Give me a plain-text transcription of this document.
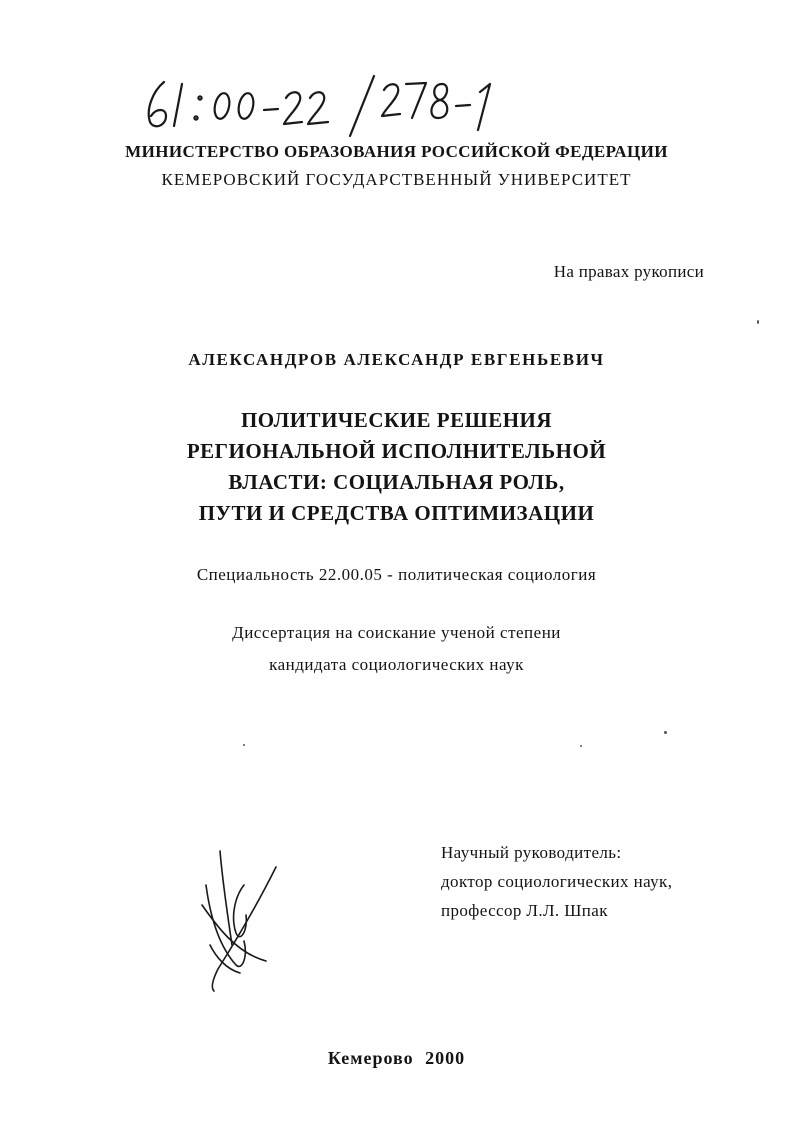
МИНИСТЕРСТВО ОБРАЗОВАНИЯ РОССИЙСКОЙ ФЕДЕРАЦИИ
КЕМЕРОВСКИЙ ГОСУДАРСТВЕННЫЙ УНИВЕРСИТЕТ
На правах рукописи
АЛЕКСАНДРОВ АЛЕКСАНДР ЕВГЕНЬЕВИЧ
ПОЛИТИЧЕСКИЕ РЕШЕНИЯ
РЕГИОНАЛЬНОЙ ИСПОЛНИТЕЛЬНОЙ
ВЛАСТИ: СОЦИАЛЬНАЯ РОЛЬ,
ПУТИ И СРЕДСТВА ОПТИМИЗАЦИИ
Специальность 22.00.05 - политическая социология
Диссертация на соискание ученой степени
кандидата социологических наук
Научный руководитель:
доктор социологических наук,
профессор Л.Л. Шпак
Кемерово 2000
